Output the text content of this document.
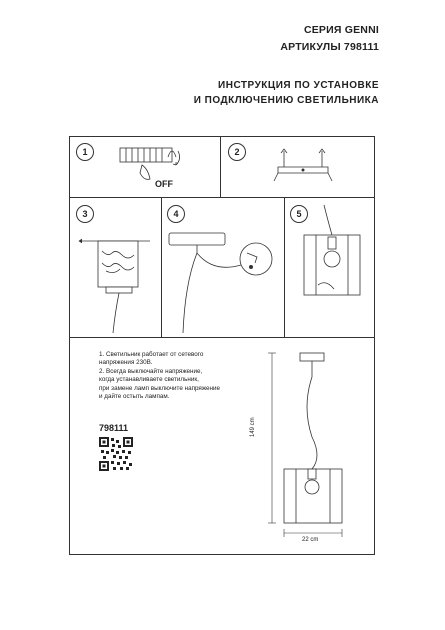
СЕРИЯ GENNI
АРТИКУЛЫ 798111
ИНСТРУКЦИЯ ПО УСТАНОВКЕ
И ПОДКЛЮЧЕНИЮ СВЕТИЛЬНИКА
1
OFF
2
3	4	5
1. Светильник работает от сетевого
напряжения 230В.
2. Всегда выключайте напряжение,
когда устанавливаете светильник,
при замене ламп выключите напряжение
и дайте остыть лампам.
798111	149 cm
22 cm
